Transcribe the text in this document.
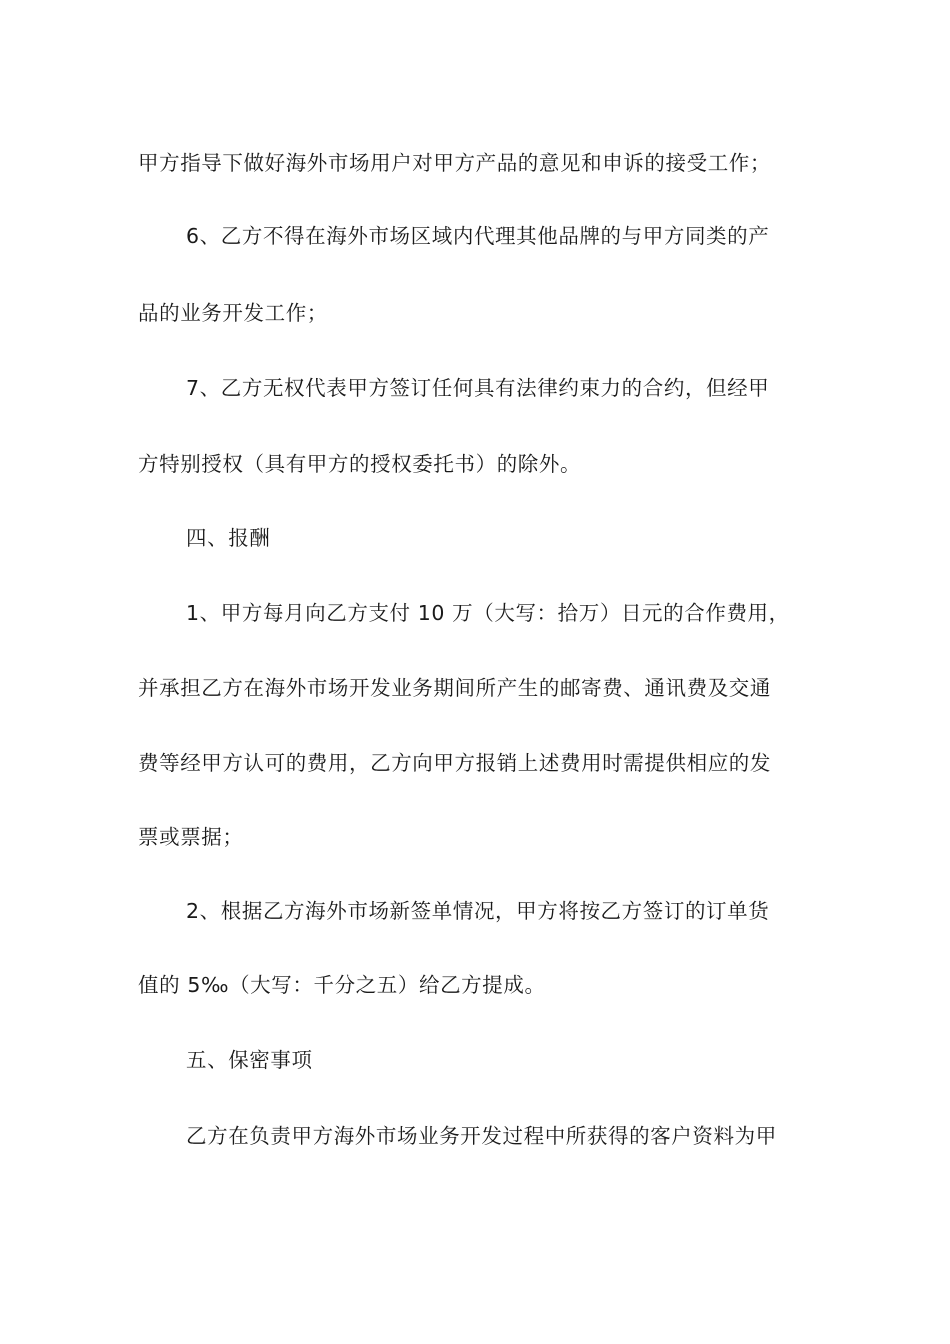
甲方指导下做好海外市场用户对甲方产品的意见和申诉的接受工作；
6、乙方不得在海外市场区域内代理其他品牌的与甲方同类的产
品的业务开发工作；
7、乙方无权代表甲方签订任何具有法律约束力的合约，但经甲
方特别授权（具有甲方的授权委托书）的除外。
四、报酬
1、甲方每月向乙方支付 10 万（大写：拾万）日元的合作费用，
并承担乙方在海外市场开发业务期间所产生的邮寄费、通讯费及交通
费等经甲方认可的费用，乙方向甲方报销上述费用时需提供相应的发
票或票据；
2、根据乙方海外市场新签单情况，甲方将按乙方签订的订单货
值的 5‰（大写：千分之五）给乙方提成。
五、保密事项
乙方在负责甲方海外市场业务开发过程中所获得的客户资料为甲
